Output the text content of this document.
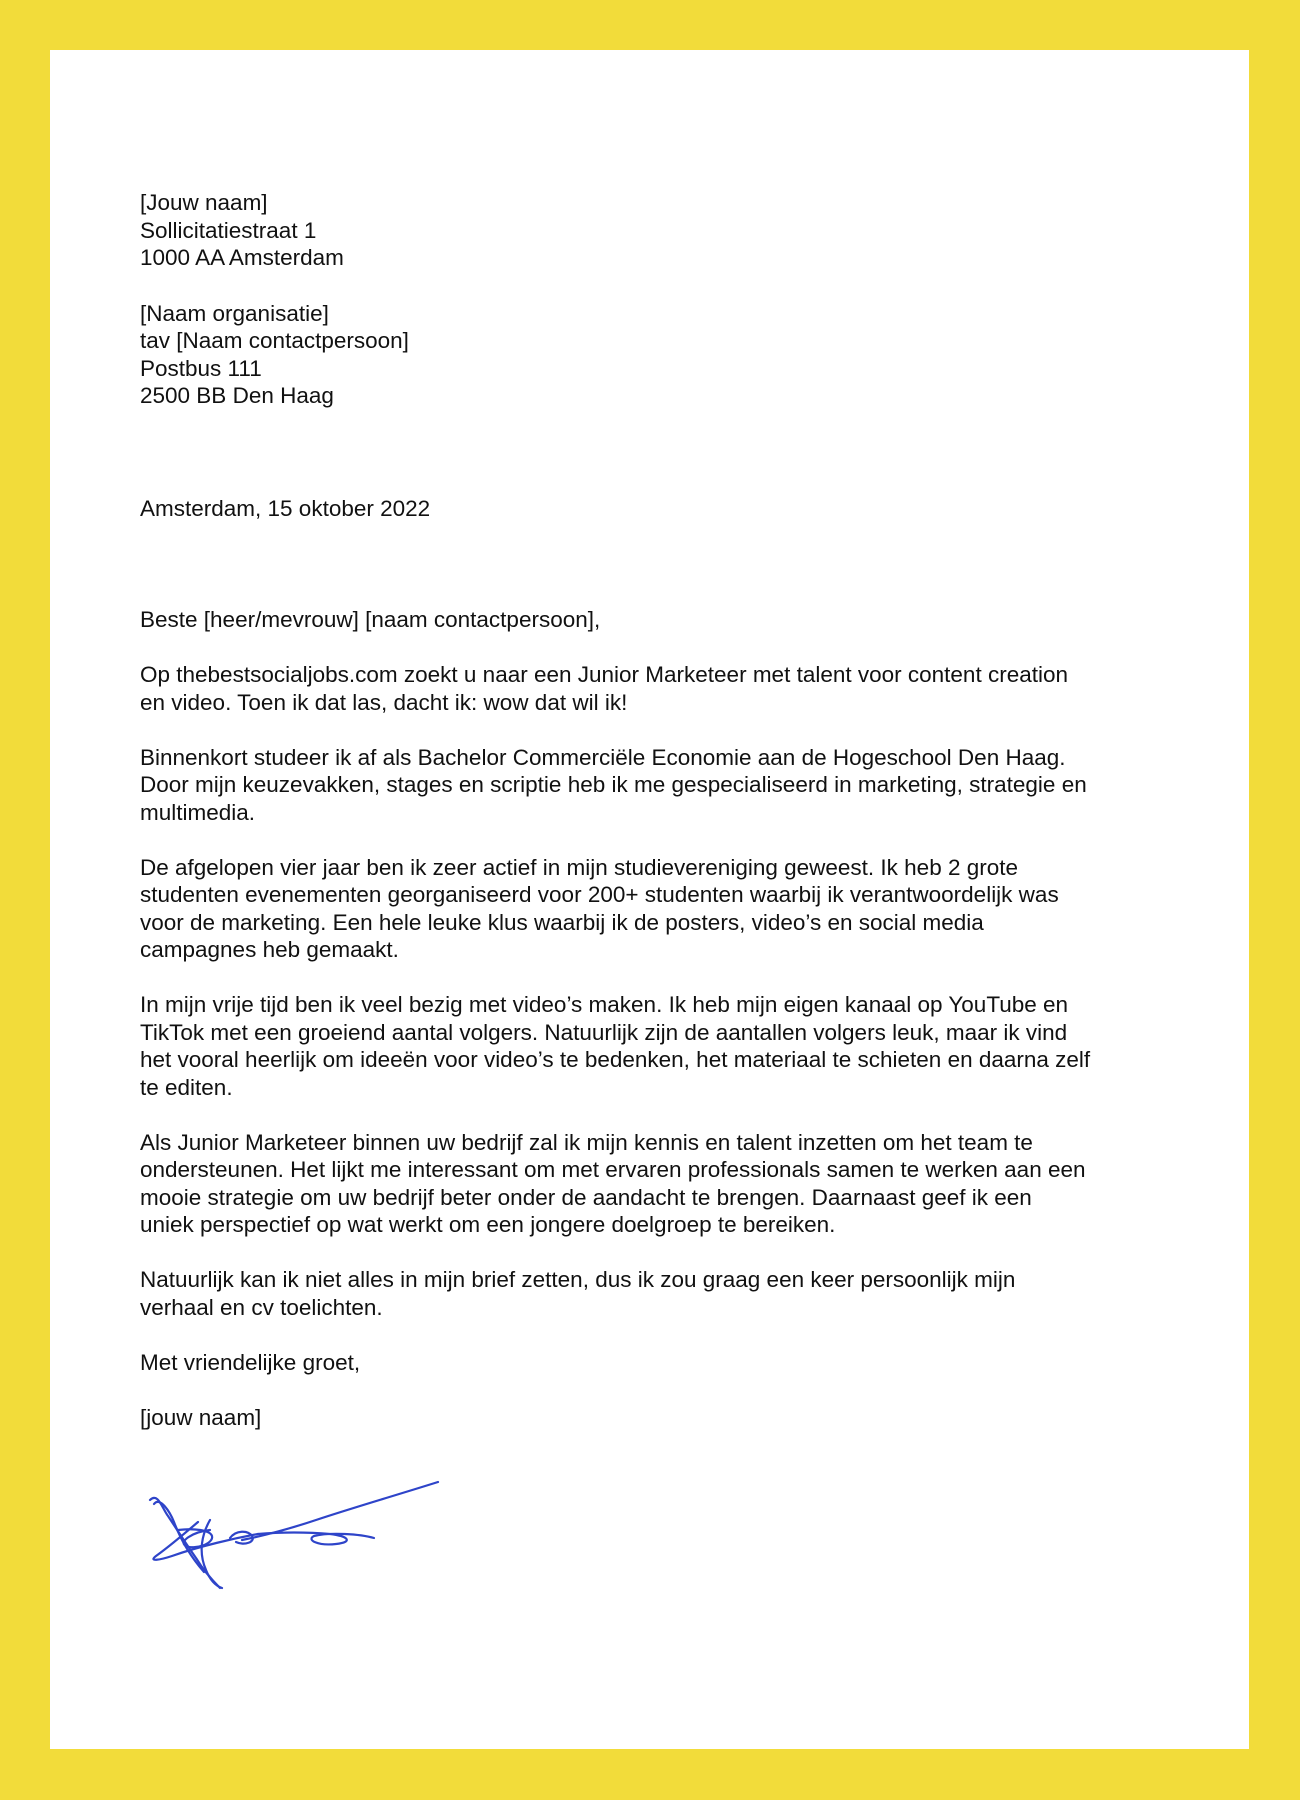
[Jouw naam]
Sollicitatiestraat 1
1000 AA Amsterdam
[Naam organisatie]
tav [Naam contactpersoon]
Postbus 111
2500 BB Den Haag
Amsterdam, 15 oktober 2022
Beste [heer/mevrouw] [naam contactpersoon],
Op thebestsocialjobs.com zoekt u naar een Junior Marketeer met talent voor content creation
en video. Toen ik dat las, dacht ik: wow dat wil ik!
Binnenkort studeer ik af als Bachelor Commerciële Economie aan de Hogeschool Den Haag.
Door mijn keuzevakken, stages en scriptie heb ik me gespecialiseerd in marketing, strategie en
multimedia.
De afgelopen vier jaar ben ik zeer actief in mijn studievereniging geweest. Ik heb 2 grote
studenten evenementen georganiseerd voor 200+ studenten waarbij ik verantwoordelijk was
voor de marketing. Een hele leuke klus waarbij ik de posters, video’s en social media
campagnes heb gemaakt.
In mijn vrije tijd ben ik veel bezig met video’s maken. Ik heb mijn eigen kanaal op YouTube en
TikTok met een groeiend aantal volgers. Natuurlijk zijn de aantallen volgers leuk, maar ik vind
het vooral heerlijk om ideeën voor video’s te bedenken, het materiaal te schieten en daarna zelf
te editen.
Als Junior Marketeer binnen uw bedrijf zal ik mijn kennis en talent inzetten om het team te
ondersteunen. Het lijkt me interessant om met ervaren professionals samen te werken aan een
mooie strategie om uw bedrijf beter onder de aandacht te brengen. Daarnaast geef ik een
uniek perspectief op wat werkt om een jongere doelgroep te bereiken.
Natuurlijk kan ik niet alles in mijn brief zetten, dus ik zou graag een keer persoonlijk mijn
verhaal en cv toelichten.
Met vriendelijke groet,
[jouw naam]
